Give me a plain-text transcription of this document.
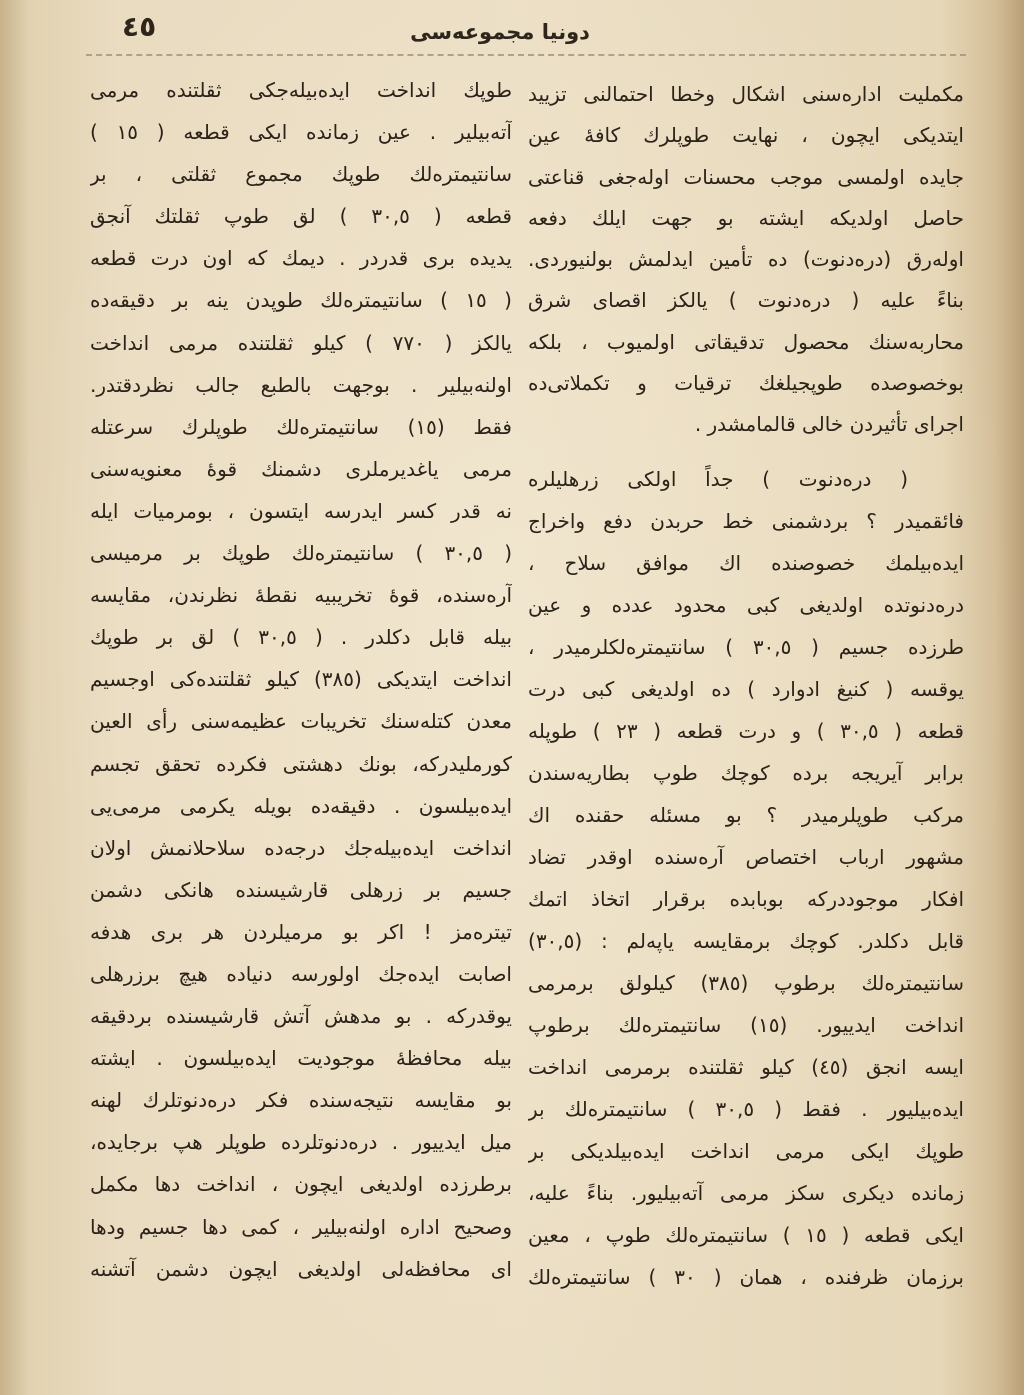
٤٥	دونیا مجموعه‌سی
مکملیت اداره‌سنی اشکال وخطا احتمالنی تزیید
ایتدیکی ایچون ، نهایت طوپلرك کافهٔ عین
جایده اولمسی موجب محسنات اوله‌جغی قناعتی
حاصل اولدیکه ایشته بو جهت ایلك دفعه
اوله‌رق (دره‌دنوت) ده تأمین ایدلمش بولنیوردی.
بناءً علیه ( دره‌دنوت ) یالکز اقصای شرق
محاربه‌سنك محصول تدقیقاتی اولمیوب ، بلکه
بوخصوصده طوپجیلغك ترقیات و تکملاتی‌ده
اجرای تأثیردن خالی قالمامشدر .
( دره‌دنوت ) جداً اولکی زرهلیلره
فائقمیدر ؟ بردشمنی خط حربدن دفع واخراج
ایده‌بیلمك خصوصنده اك موافق سلاح ،
دره‌دنوتده اولدیغی کبی محدود عدده و عین
طرزده جسیم ( ٣٠,٥ ) سانتیمتره‌لکلرمیدر ،
یوقسه ( کنیغ ادوارد ) ده اولدیغی کبی درت
قطعه ( ٣٠,٥ ) و درت قطعه ( ٢٣ ) طوپله
برابر آیریجه برده کوچك طوپ بطاریه‌سندن
مرکب طوپلرمیدر ؟ بو مسئله حقنده اك
مشهور ارباب اختصاص آره‌سنده اوقدر تضاد
افکار موجوددرکه بوبابده برقرار اتخاذ اتمك
قابل دکلدر. کوچك برمقایسه یاپه‌لم : (٣٠,٥)
سانتیمتره‌لك برطوپ (٣٨٥) کیلولق برمرمی
انداخت ایدییور. (١٥) سانتیمتره‌لك برطوپ
ایسه انجق (٤٥) کیلو ثقلتنده برمرمی انداخت
ایده‌بیلیور . فقط ( ٣٠,٥ ) سانتیمتره‌لك بر
طوپك ایکی مرمی انداخت ایده‌بیلدیکی بر
زمانده دیکری سکز مرمی آته‌بیلیور. بناءً علیه،
ایکی قطعه ( ١٥ ) سانتیمتره‌لك طوپ ، معین
برزمان ظرفنده ، همان ( ٣٠ ) سانتیمتره‌لك
طوپك انداخت ایده‌بیله‌جکی ثقلتنده مرمی
آته‌بیلیر . عین زمانده ایکی قطعه ( ١٥ )
سانتیمتره‌لك طوپك مجموع ثقلتی ، بر
قطعه ( ٣٠,٥ ) لق طوپ ثقلتك آنجق
یدیده بری قدردر . دیمك که اون درت قطعه
( ١٥ ) سانتیمتره‌لك طوپدن ینه بر دقیقه‌ده
یالکز ( ٧٧٠ ) کیلو ثقلتنده مرمی انداخت
اولنه‌بیلیر . بوجهت بالطبع جالب نظردقتدر.
فقط (١٥) سانتیمتره‌لك طوپلرك سرعتله
مرمی یاغدیرملری دشمنك قوهٔ معنویه‌سنی
نه قدر کسر ایدرسه ایتسون ، بومرمیات ایله
( ٣٠,٥ ) سانتیمتره‌لك طوپك بر مرمیسی
آره‌سنده، قوهٔ تخریبیه نقطهٔ نظرندن، مقایسه
بیله قابل دکلدر . ( ٣٠,٥ ) لق بر طوپك
انداخت ایتدیکی (٣٨٥) کیلو ثقلتنده‌کی اوجسیم
معدن کتله‌سنك تخریبات عظیمه‌سنی رأی العین
کورملیدرکه، بونك دهشتی فکرده تحقق تجسم
ایده‌بیلسون . دقیقه‌ده بویله یکرمی مرمی‌یی
انداخت ایده‌بیله‌جك درجه‌ده سلاحلانمش اولان
جسیم بر زرهلی قارشیسنده هانکی دشمن
تیتره‌مز ! اکر بو مرمیلردن هر بری هدفه
اصابت ایده‌جك اولورسه دنیاده هیچ برزرهلی
یوقدرکه . بو مدهش آتش قارشیسنده بردقیقه
بیله محافظهٔ موجودیت ایده‌بیلسون . ایشته
بو مقایسه نتیجه‌سنده فکر دره‌دنوتلرك لهنه
میل ایدییور . دره‌دنوتلرده طوپلر هپ برجایده،
برطرزده اولدیغی ایچون ، انداخت دها مکمل
وصحیح اداره اولنه‌بیلیر ، کمی دها جسیم ودها
ای محافظه‌لی اولدیغی ایچون دشمن آتشنه
